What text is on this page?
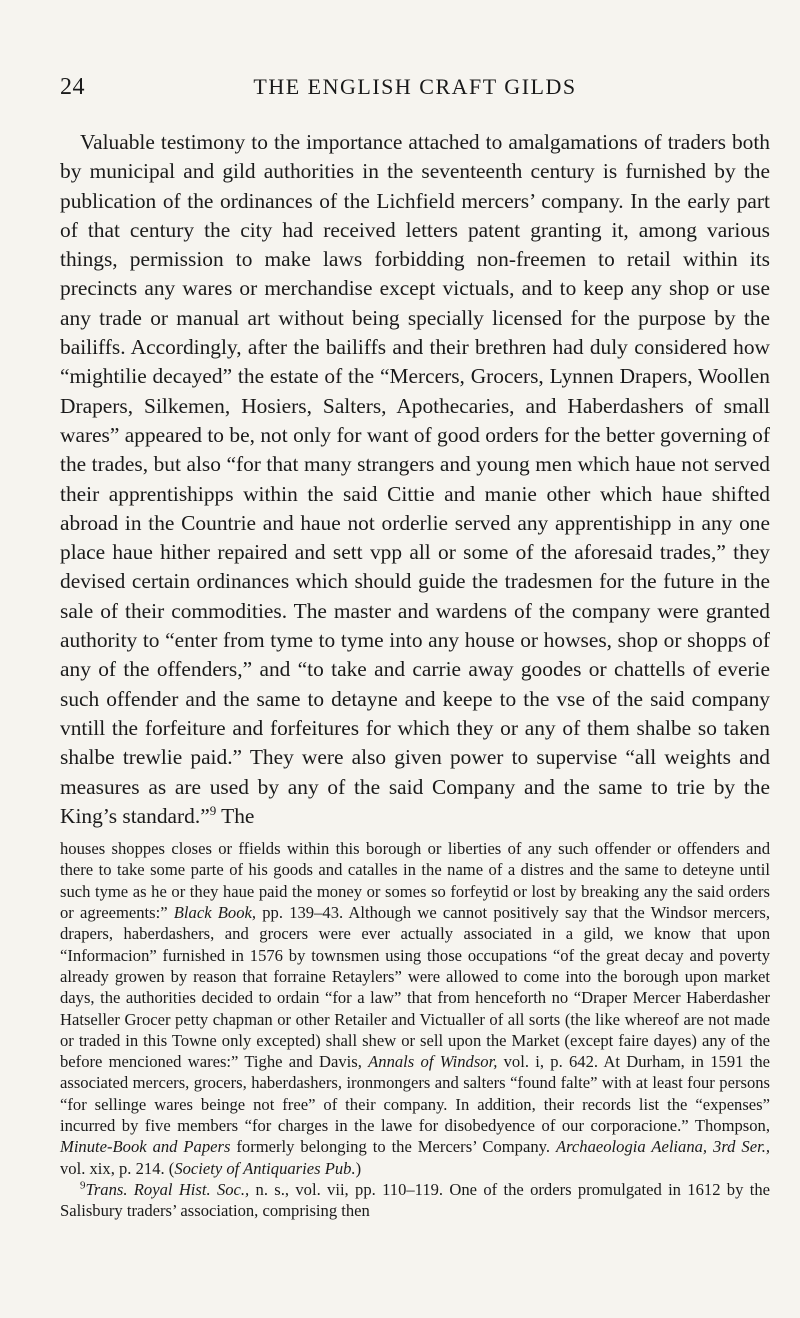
24	THE ENGLISH CRAFT GILDS

Valuable testimony to the importance attached to amalgamations of traders both by municipal and gild authorities in the seventeenth century is furnished by the publication of the ordinances of the Lichfield mercers’ company. In the early part of that century the city had received letters patent granting it, among various things, permission to make laws forbidding non-freemen to retail within its precincts any wares or merchandise except victuals, and to keep any shop or use any trade or manual art without being specially licensed for the purpose by the bailiffs. Accordingly, after the bailiffs and their brethren had duly considered how “mightilie decayed” the estate of the “Mercers, Grocers, Lynnen Drapers, Woollen Drapers, Silkemen, Hosiers, Salters, Apothecaries, and Haberdashers of small wares” appeared to be, not only for want of good orders for the better governing of the trades, but also “for that many strangers and young men which haue not served their apprentishipps within the said Cittie and manie other which haue shifted abroad in the Countrie and haue not orderlie served any apprentishipp in any one place haue hither repaired and sett vpp all or some of the aforesaid trades,” they devised certain ordinances which should guide the tradesmen for the future in the sale of their commodities. The master and wardens of the company were granted authority to “enter from tyme to tyme into any house or howses, shop or shopps of any of the offenders,” and “to take and carrie away goodes or chattells of everie such offender and the same to detayne and keepe to the vse of the said company vntill the forfeiture and forfeitures for which they or any of them shalbe so taken shalbe trewlie paid.” They were also given power to supervise “all weights and measures as are used by any of the said Company and the same to trie by the King’s standard.”$^9$ The

houses shoppes closes or ffields within this borough or liberties of any such offender or offenders and there to take some parte of his goods and catalles in the name of a distres and the same to deteyne until such tyme as he or they haue paid the money or somes so forfeytid or lost by breaking any the said orders or agreements:” Black Book, pp. 139–43. Although we cannot positively say that the Windsor mercers, drapers, haberdashers, and grocers were ever actually associated in a gild, we know that upon “Informacion” furnished in 1576 by townsmen using those occupations “of the great decay and poverty already growen by reason that forraine Retaylers” were allowed to come into the borough upon market days, the authorities decided to ordain “for a law” that from henceforth no “Draper Mercer Haberdasher Hatseller Grocer petty chapman or other Retailer and Victualler of all sorts (the like whereof are not made or traded in this Towne only excepted) shall shew or sell upon the Market (except faire dayes) any of the before mencioned wares:” Tighe and Davis, Annals of Windsor, vol. i, p. 642. At Durham, in 1591 the associated mercers, grocers, haberdashers, ironmongers and salters “found falte” with at least four persons “for sellinge wares beinge not free” of their company. In addition, their records list the “expenses” incurred by five members “for charges in the lawe for disobedyence of our corporacione.” Thompson, Minute-Book and Papers formerly belonging to the Mercers’ Company. Archaeologia Aeliana, 3rd Ser., vol. xix, p. 214. (Society of Antiquaries Pub.)

$^9$Trans. Royal Hist. Soc., n. s., vol. vii, pp. 110–119. One of the orders promulgated in 1612 by the Salisbury traders’ association, comprising then
